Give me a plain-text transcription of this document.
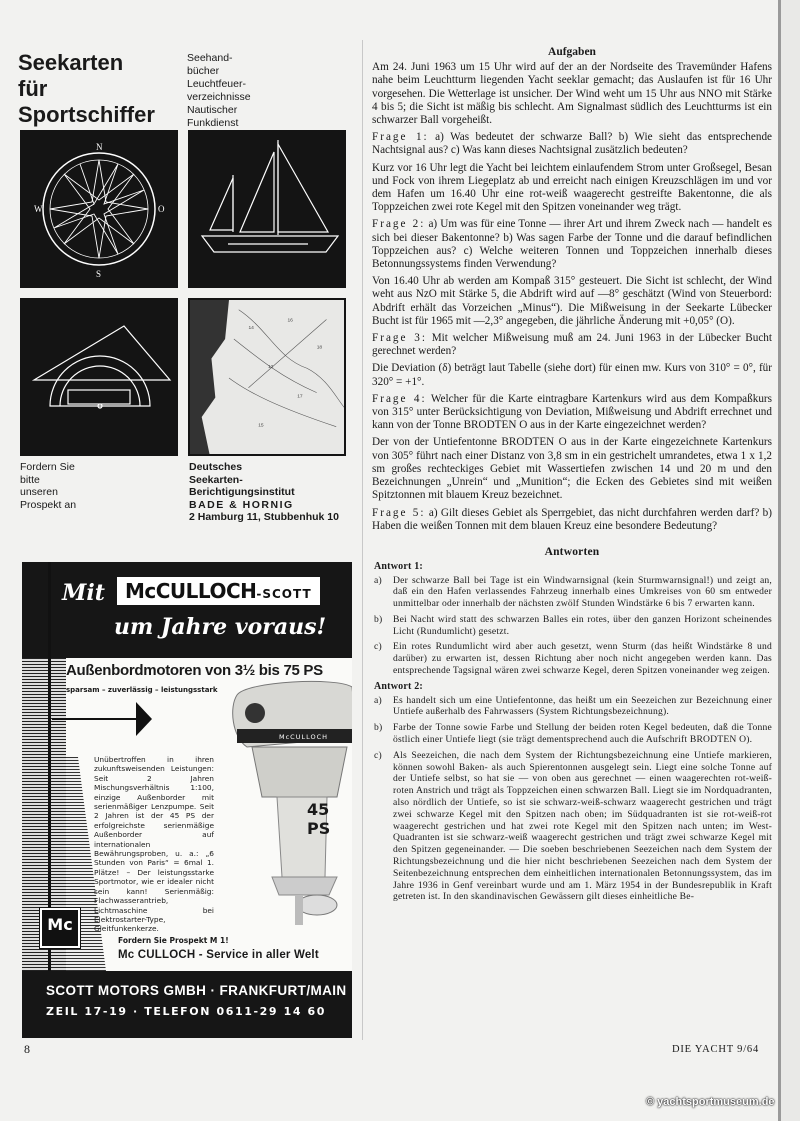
Seekarten
für
Sportschiffer
Seehand-
bücher
Leuchtfeuer-
verzeichnisse
Nautischer
Funkdienst
N
S
W	O
14
16
18
12
17
15
Fordern Sie
bitte
unseren
Prospekt an
Deutsches
Seekarten-
Berichtigungsinstitut
BADE & HORNIG
2 Hamburg 11, Stubbenhuk 10
Mit	McCULLOCH-SCOTT
um Jahre voraus!
Außenbordmotoren von 3½ bis 75 PS
sparsam – zuverlässig – leistungsstark
Unübertroffen in ihren zukunftsweisenden Leistungen: Seit 2 Jahren Mischungsverhältnis 1:100, einzige Außenborder mit serienmäßiger Lenzpumpe. Seit 2 Jahren ist der 45 PS der erfolgreichste serienmäßige Außenborder auf internationalen Bewährungsproben, u. a.: „6 Stunden von Paris“ = 6mal 1. Plätze! – Der leistungsstarke Sportmotor, wie er idealer nicht sein kann! Serienmäßig: Flachwasserantrieb, Lichtmaschine bei Elektrostarter-Type, Gleitfunkenkerze.
McCULLOCH
45 PS
Mc
Fordern Sie Prospekt M 1!
Mc CULLOCH - Service in aller Welt
SCOTT MOTORS GMBH · FRANKFURT/MAIN
ZEIL 17-19 · TELEFON 0611-29 14 60
8
Aufgaben

Am 24. Juni 1963 um 15 Uhr wird auf der an der Nordseite des Travemünder Hafens nahe beim Leuchtturm liegenden Yacht seeklar gemacht; das Auslaufen ist für 16 Uhr vorgesehen. Die Wetterlage ist unsicher. Der Wind weht um 15 Uhr aus NNO mit Stärke 4 bis 5; die Sicht ist mäßig bis schlecht. Am Signalmast südlich des Leuchtturms ist ein schwarzer Ball vorgeheißt.

Frage 1: a) Was bedeutet der schwarze Ball? b) Wie sieht das entsprechende Nachtsignal aus? c) Was kann dieses Nachtsignal zusätzlich bedeuten?

Kurz vor 16 Uhr legt die Yacht bei leichtem einlaufendem Strom unter Großsegel, Besan und Fock von ihrem Liegeplatz ab und erreicht nach einigen Kreuzschlägen im und vor dem Hafen um 16.40 Uhr eine rot-weiß waagerecht gestreifte Bakentonne, die als Toppzeichen zwei rote Kegel mit den Spitzen voneinander weg trägt.

Frage 2: a) Um was für eine Tonne — ihrer Art und ihrem Zweck nach — handelt es sich bei dieser Bakentonne? b) Was sagen Farbe der Tonne und die darauf befindlichen Toppzeichen aus? c) Welche weiteren Tonnen und Toppzeichen innerhalb dieses Betonnungssystems finden Verwendung?

Von 16.40 Uhr ab werden am Kompaß 315° gesteuert. Die Sicht ist schlecht, der Wind weht aus NzO mit Stärke 5, die Abdrift wird auf —8° geschätzt (Wind von Steuerbord: Abdrift erhält das Vorzeichen „Minus“). Die Mißweisung in der Seekarte Lübecker Bucht ist für 1965 mit —2,3° angegeben, die jährliche Änderung mit +0,05° (O).

Frage 3: Mit welcher Mißweisung muß am 24. Juni 1963 in der Lübecker Bucht gerechnet werden?

Die Deviation (δ) beträgt laut Tabelle (siehe dort) für einen mw. Kurs von 310° = 0°, für 320° = +1°.

Frage 4: Welcher für die Karte eintragbare Kartenkurs wird aus dem Kompaßkurs von 315° unter Berücksichtigung von Deviation, Mißweisung und Abdrift errechnet und kann von der Tonne BRODTEN O aus in der Karte eingezeichnet werden?

Der von der Untiefentonne BRODTEN O aus in der Karte eingezeichnete Kartenkurs von 305° führt nach einer Distanz von 3,8 sm in ein gestrichelt umrandetes, etwa 1 x 1,2 sm großes rechteckiges Gebiet mit Wassertiefen zwischen 14 und 20 m und den Bezeichnungen „Unrein“ und „Munition“; die Ecken des Gebietes sind mit weißen Spitztonnen mit blauem Kreuz bezeichnet.

Frage 5: a) Gilt dieses Gebiet als Sperrgebiet, das nicht durchfahren werden darf? b) Haben die weißen Tonnen mit dem blauen Kreuz eine besondere Bedeutung?

Antworten
Antwort 1:
a)	Der schwarze Ball bei Tage ist ein Windwarnsignal (kein Sturmwarnsignal!) und zeigt an, daß ein den Hafen verlassendes Fahrzeug innerhalb eines Umkreises von 60 sm entweder unmittelbar oder innerhalb der nächsten zwölf Stunden Windstärke 6 bis 7 erwarten kann.
b)	Bei Nacht wird statt des schwarzen Balles ein rotes, über den ganzen Horizont scheinendes Licht (Rundumlicht) gesetzt.
c)	Ein rotes Rundumlicht wird aber auch gesetzt, wenn Sturm (das heißt Windstärke 8 und darüber) zu erwarten ist, dessen Richtung aber noch nicht angegeben werden kann. Das entsprechende Tagsignal wären zwei schwarze Kegel, deren Spitzen voneinander weg zeigen.
Antwort 2:
a)	Es handelt sich um eine Untiefentonne, das heißt um ein Seezeichen zur Bezeichnung einer Untiefe außerhalb des Fahrwassers (System Richtungsbezeichnung).
b)	Farbe der Tonne sowie Farbe und Stellung der beiden roten Kegel bedeuten, daß die Tonne östlich einer Untiefe liegt (sie trägt dementsprechend auch die Aufschrift BRODTEN O).
c)	Als Seezeichen, die nach dem System der Richtungsbezeichnung eine Untiefe markieren, können sowohl Baken- als auch Spierentonnen ausgelegt sein. Liegt eine solche Tonne auf der Untiefe selbst, so hat sie — von oben aus gerechnet — einen waagerechten rot-weiß-roten Anstrich und trägt als Toppzeichen einen schwarzen Ball. Liegt sie im Nordquadranten, also nördlich der Untiefe, so ist sie schwarz-weiß-schwarz waagerecht gestrichen und trägt zwei schwarze Kegel mit den Spitzen nach oben; im Südquadranten ist sie rot-weiß-rot waagerecht gestrichen und hat zwei rote Kegel mit den Spitzen nach unten; im West-Quadranten ist sie schwarz-weiß waagerecht gestrichen und trägt zwei schwarze Kegel mit den Spitzen gegeneinander. — Die soeben beschriebenen Seezeichen nach dem System der Richtungsbezeichnung und die hier nicht beschriebenen Seezeichen nach dem System der Seitenbezeichnung entsprechen dem einheitlichen internationalen Betonnungssystem, das im Jahre 1936 in Genf vereinbart wurde und am 1. März 1954 in der Bundesrepublik in Kraft getreten ist. In den skandinavischen Gewässern gilt dieses einheitliche Be-
DIE YACHT 9/64
© yachtsportmuseum.de
